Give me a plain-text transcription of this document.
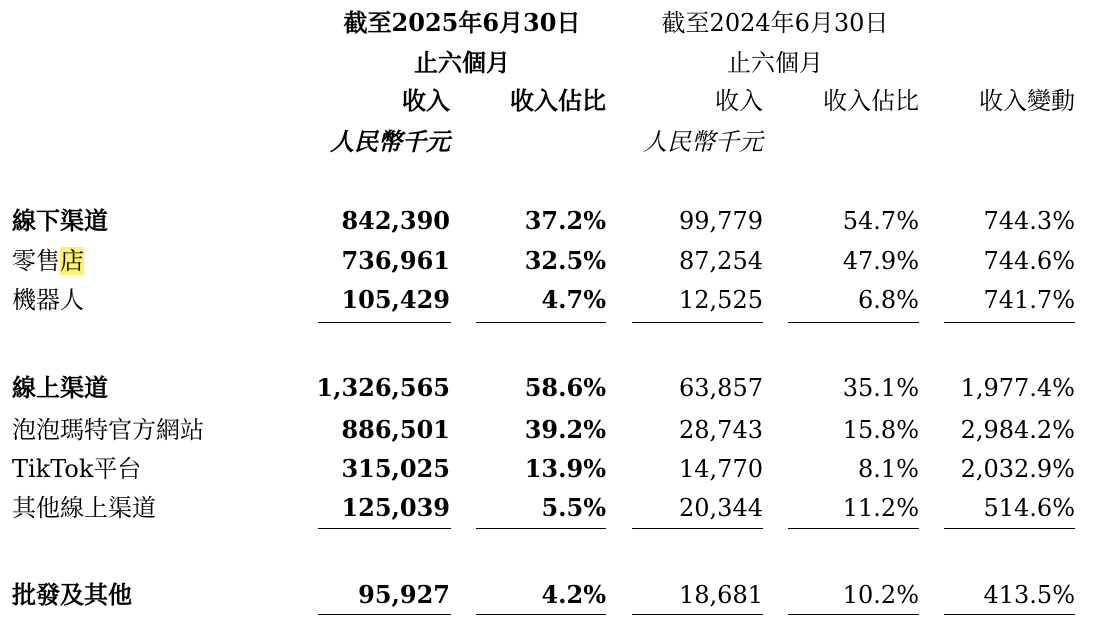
截至2025年6月30日
止六個月
截至2024年6月30日
止六個月
收入	收入佔比	收入	收入佔比	收入變動
人民幣千元	人民幣千元
線下渠道	842,390	37.2%	99,779	54.7%	744.3%
零售店	736,961	32.5%	87,254	47.9%	744.6%
機器人	105,429	4.7%	12,525	6.8%	741.7%
線上渠道	1,326,565	58.6%	63,857	35.1% 1,977.4%
泡泡瑪特官方網站	886,501	39.2%	28,743	15.8% 2,984.2%
TikTok平台	315,025	13.9%	14,770	8.1% 2,032.9%
其他線上渠道	125,039	5.5%	20,344	11.2%	514.6%
批發及其他	95,927	4.2%	18,681	10.2%	413.5%
